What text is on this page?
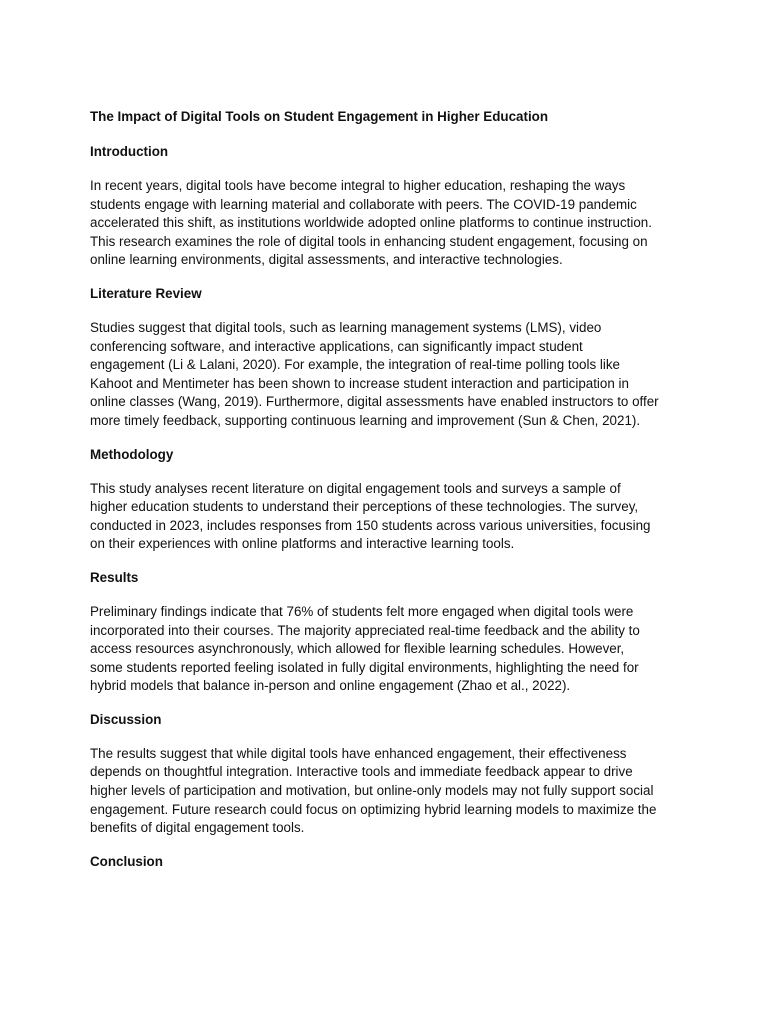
The Impact of Digital Tools on Student Engagement in Higher Education
Introduction
In recent years, digital tools have become integral to higher education, reshaping the ways
students engage with learning material and collaborate with peers. The COVID-19 pandemic
accelerated this shift, as institutions worldwide adopted online platforms to continue instruction.
This research examines the role of digital tools in enhancing student engagement, focusing on
online learning environments, digital assessments, and interactive technologies.
Literature Review
Studies suggest that digital tools, such as learning management systems (LMS), video
conferencing software, and interactive applications, can significantly impact student
engagement (Li & Lalani, 2020). For example, the integration of real-time polling tools like
Kahoot and Mentimeter has been shown to increase student interaction and participation in
online classes (Wang, 2019). Furthermore, digital assessments have enabled instructors to offer
more timely feedback, supporting continuous learning and improvement (Sun & Chen, 2021).
Methodology
This study analyses recent literature on digital engagement tools and surveys a sample of
higher education students to understand their perceptions of these technologies. The survey,
conducted in 2023, includes responses from 150 students across various universities, focusing
on their experiences with online platforms and interactive learning tools.
Results
Preliminary findings indicate that 76% of students felt more engaged when digital tools were
incorporated into their courses. The majority appreciated real-time feedback and the ability to
access resources asynchronously, which allowed for flexible learning schedules. However,
some students reported feeling isolated in fully digital environments, highlighting the need for
hybrid models that balance in-person and online engagement (Zhao et al., 2022).
Discussion
The results suggest that while digital tools have enhanced engagement, their effectiveness
depends on thoughtful integration. Interactive tools and immediate feedback appear to drive
higher levels of participation and motivation, but online-only models may not fully support social
engagement. Future research could focus on optimizing hybrid learning models to maximize the
benefits of digital engagement tools.
Conclusion
